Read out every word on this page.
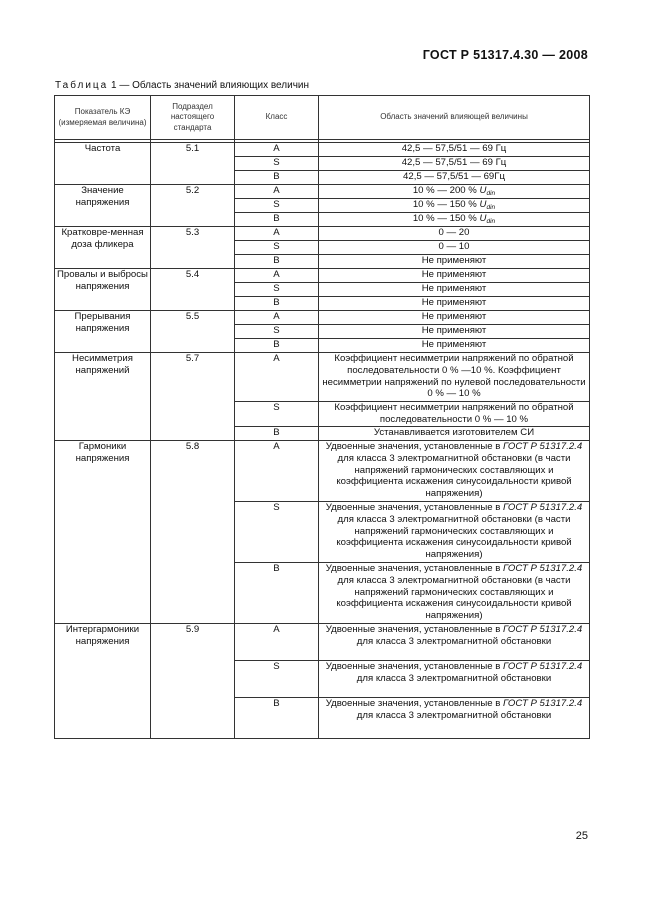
ГОСТ Р 51317.4.30 — 2008
Таблица 1 — Область значений влияющих величин
Показатель КЭ (измеряемая величина)	Подраздел настоящего стандарта	Класс	Область значений влияющей величины

Частота	5.1	A	42,5 — 57,5/51 — 69 Гц
		S	42,5 — 57,5/51 — 69 Гц
		B	42,5 — 57,5/51 — 69Гц
Значение напряжения	5.2	A	10 % — 200 % $U_{din}$
		S	10 % — 150 % $U_{din}$
		B	10 % — 150 % $U_{din}$
Кратковре-менная доза фликера	5.3	A	0 — 20
		S	0 — 10
		B	Не применяют
Провалы и выбросы напряжения	5.4	A	Не применяют
		S	Не применяют
		B	Не применяют
Прерывания напряжения	5.5	A	Не применяют
		S	Не применяют
		B	Не применяют
Несимметрия напряжений	5.7	A	Коэффициент несимметрии напряжений по обратной последовательности 0 % —10 %. Коэффициент несимметрии напряжений по нулевой последовательности 0 % — 10 %
		S	Коэффициент несимметрии напряжений по обратной последовательности 0 % — 10 %
		B	Устанавливается изготовителем СИ
Гармоники напряжения	5.8	A	Удвоенные значения, установленные в ГОСТ Р 51317.2.4 для класса 3 электромагнитной обстановки (в части напряжений гармонических составляющих и коэффициента искажения синусоидальности кривой напряжения)
		S	Удвоенные значения, установленные в ГОСТ Р 51317.2.4 для класса 3 электромагнитной обстановки (в части напряжений гармонических составляющих и коэффициента искажения синусоидальности кривой напряжения)
		B	Удвоенные значения, установленные в ГОСТ Р 51317.2.4 для класса 3 электромагнитной обстановки (в части напряжений гармонических составляющих и коэффициента искажения синусоидальности кривой напряжения)
Интергармоники напряжения	5.9	A	Удвоенные значения, установленные в ГОСТ Р 51317.2.4 для класса 3 электромагнитной обстановки
		S	Удвоенные значения, установленные в ГОСТ Р 51317.2.4 для класса 3 электромагнитной обстановки
		B	Удвоенные значения, установленные в ГОСТ Р 51317.2.4 для класса 3 электромагнитной обстановки
25
